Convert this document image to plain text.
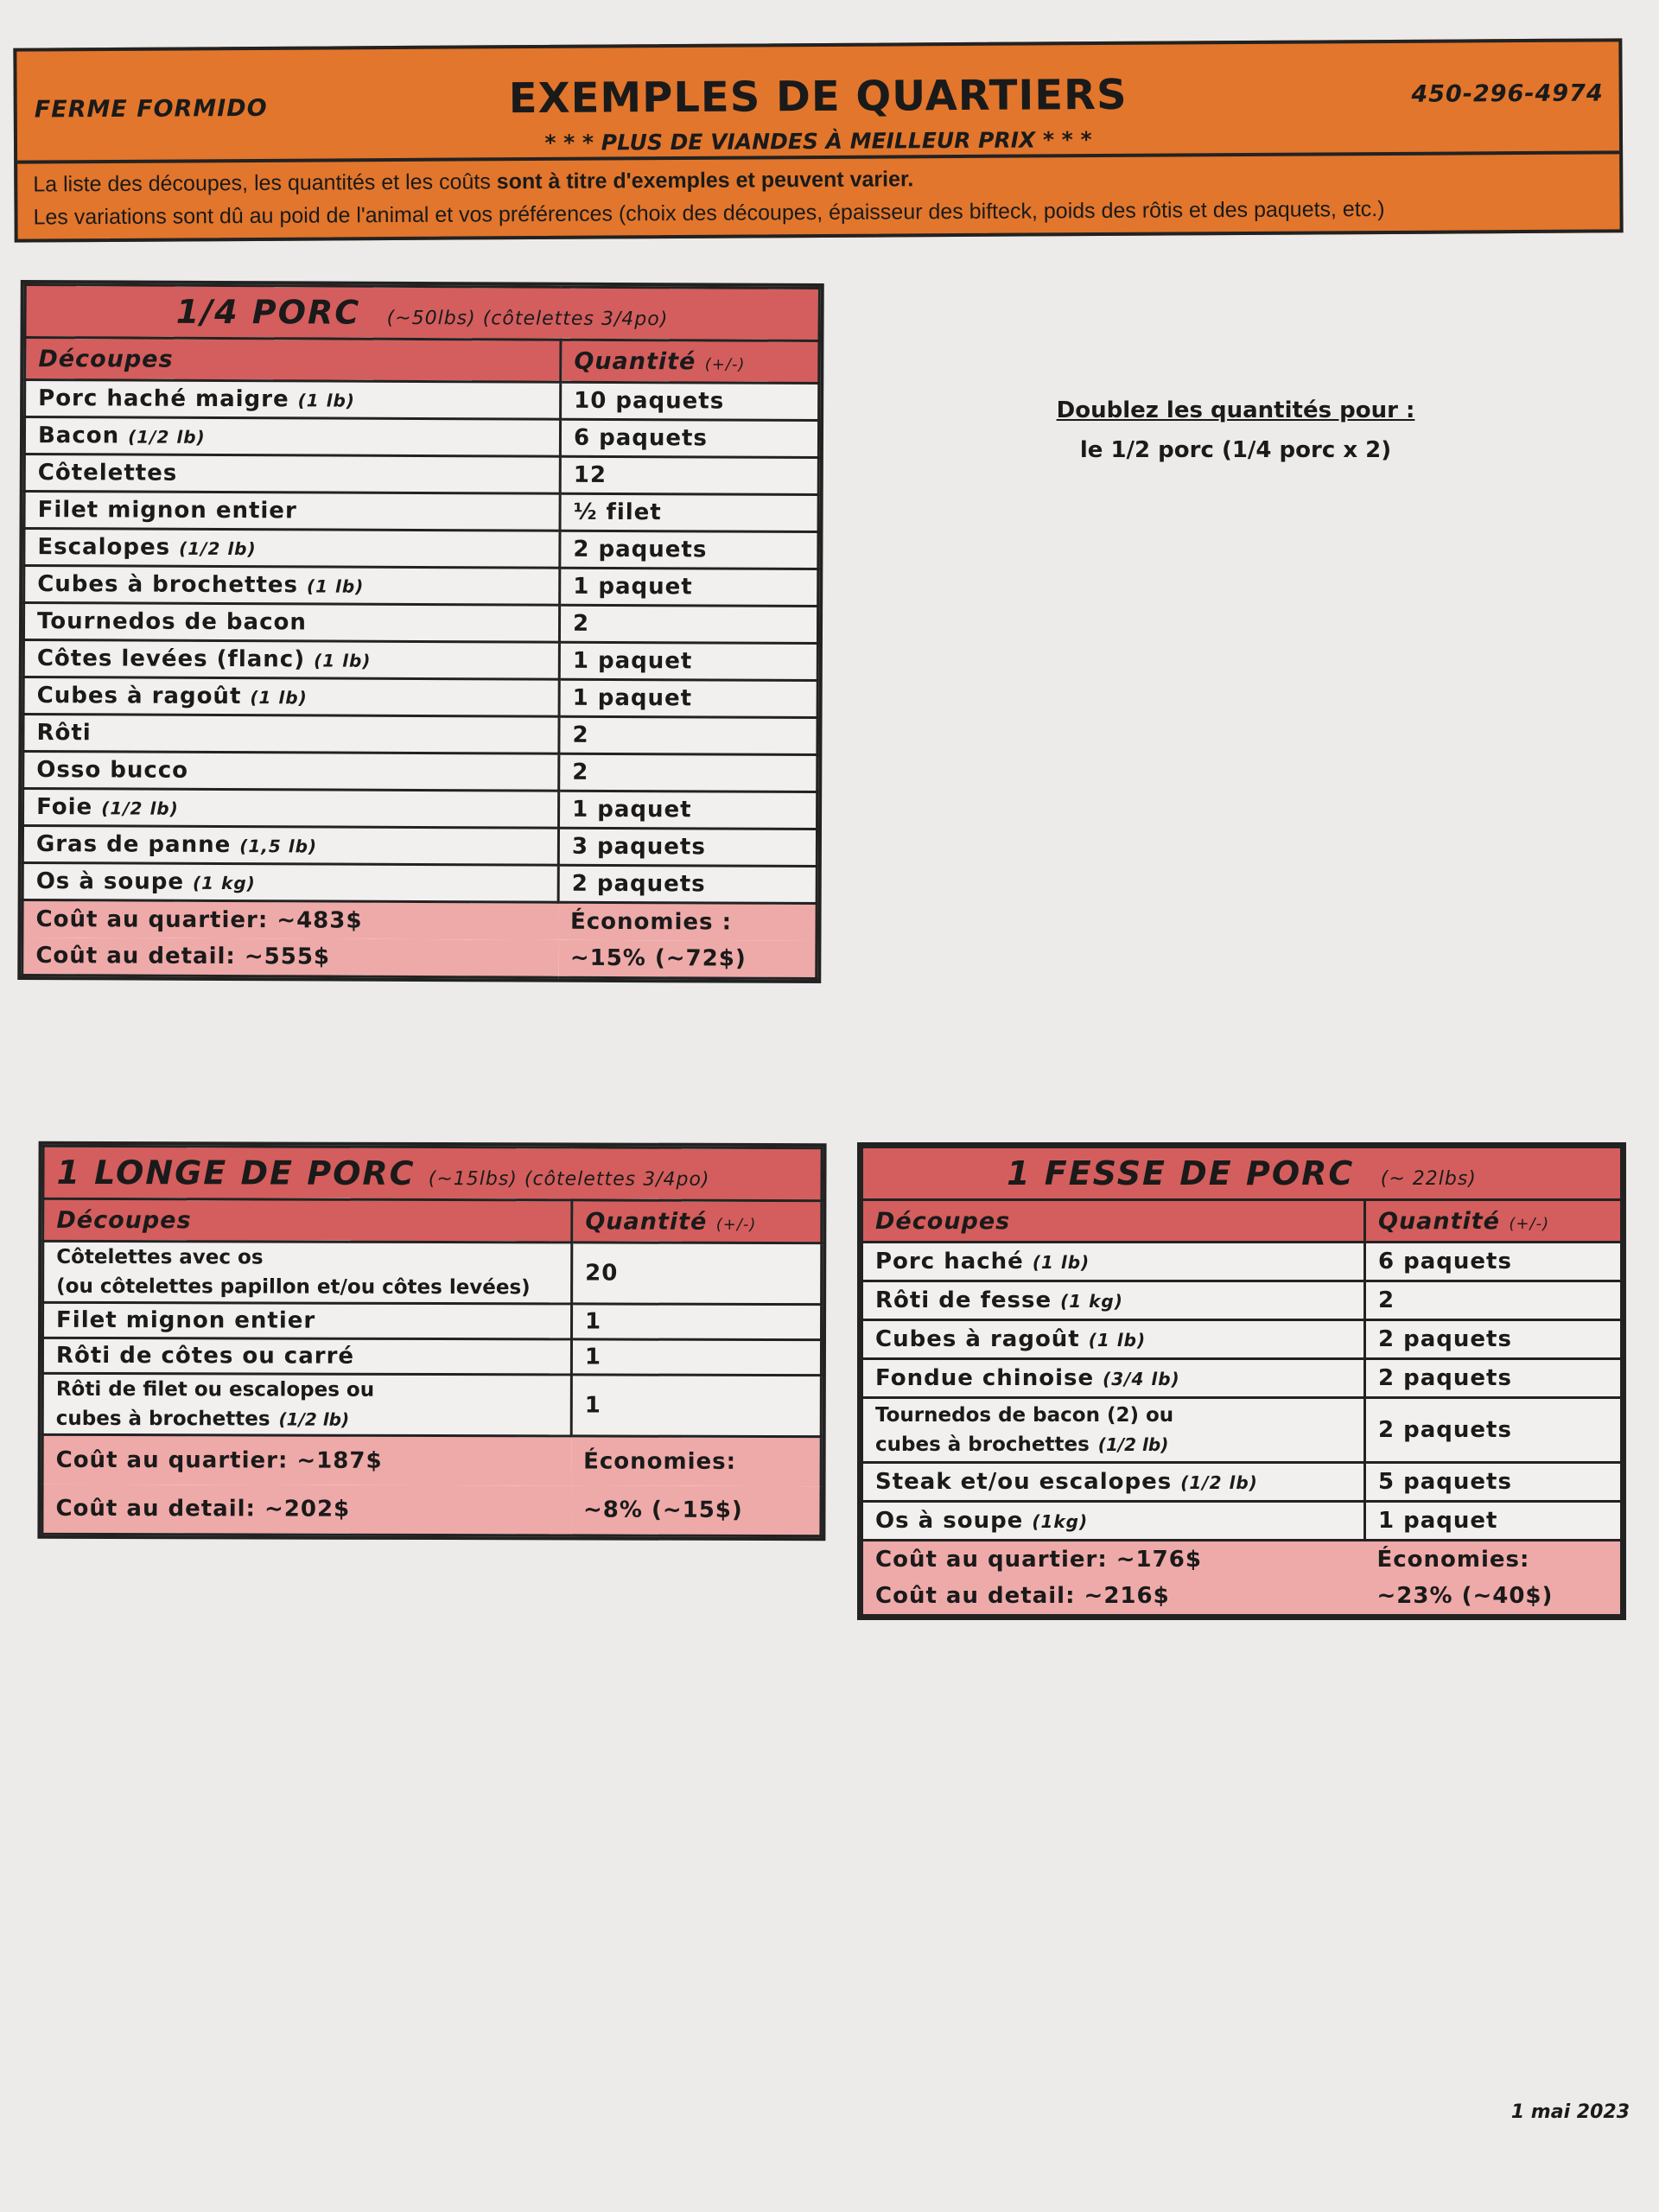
FERME FORMIDO	EXEMPLES DE QUARTIERS	450-296-4974
* * * PLUS DE VIANDES À MEILLEUR PRIX * * *
La liste des découpes, les quantités et les coûts sont à titre d'exemples et peuvent varier.
Les variations sont dû au poid de l'animal et vos préférences (choix des découpes, épaisseur des bifteck, poids des rôtis et des paquets, etc.)
1/4 PORC (~50lbs) (côtelettes 3/4po)	
Découpes	Quantité (+/-)
Porc haché maigre (1 lb)	10 paquets
Bacon (1/2 lb)	6 paquets
Côtelettes	12
Filet mignon entier	½ filet
Escalopes (1/2 lb)	2 paquets
Cubes à brochettes (1 lb)	1 paquet
Tournedos de bacon	2
Côtes levées (flanc) (1 lb)	1 paquet
Cubes à ragoût (1 lb)	1 paquet
Rôti	2
Osso bucco	2
Foie (1/2 lb)	1 paquet
Gras de panne (1,5 lb)	3 paquets
Os à soupe (1 kg)	2 paquets
Coût au quartier: ~483$	Économies :
Coût au detail: ~555$	~15% (~72$)
Doublez les quantités pour :
le 1/2 porc (1/4 porc x 2)
1 LONGE DE PORC (~15lbs) (côtelettes 3/4po)	
Découpes	Quantité (+/-)

Côtelettes avec os
(ou côtelettes papillon et/ou côtes levées)	20
Filet mignon entier	1
Rôti de côtes ou carré	1

Rôti de filet ou escalopes ou
cubes à brochettes (1/2 lb)	1
Coût au quartier: ~187$	Économies:
Coût au detail: ~202$	~8% (~15$)
1 FESSE DE PORC (~ 22lbs)	
Découpes	Quantité (+/-)
Porc haché (1 lb)	6 paquets
Rôti de fesse (1 kg)	2
Cubes à ragoût (1 lb)	2 paquets
Fondue chinoise (3/4 lb)	2 paquets

Tournedos de bacon (2) ou
cubes à brochettes (1/2 lb)	2 paquets
Steak et/ou escalopes (1/2 lb)	5 paquets
Os à soupe (1kg)	1 paquet
Coût au quartier: ~176$	Économies:
Coût au detail: ~216$	~23% (~40$)
1 mai 2023
